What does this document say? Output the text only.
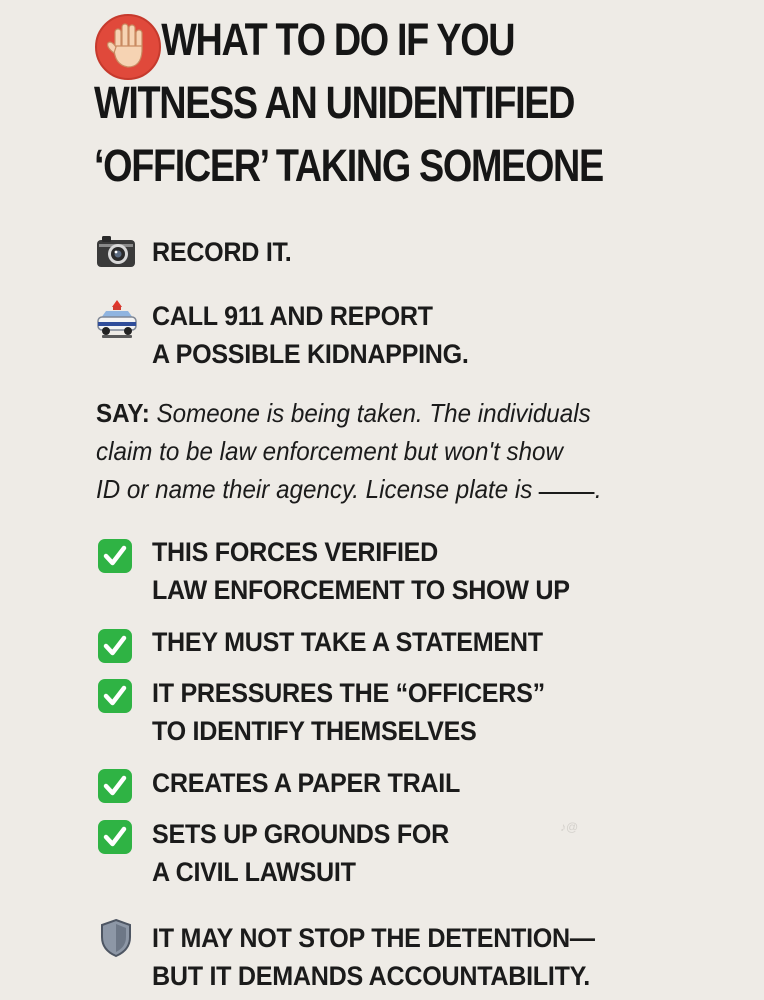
WHAT TO DO IF YOU
WITNESS AN UNIDENTIFIED
‘OFFICER’ TAKING SOMEONE
RECORD IT.
CALL 911 AND REPORT
A POSSIBLE KIDNAPPING.
SAY: Someone is being taken. The individuals
claim to be law enforcement but won't show
ID or name their agency. License plate is .
THIS FORCES VERIFIED
LAW ENFORCEMENT TO SHOW UP
THEY MUST TAKE A STATEMENT
IT PRESSURES THE “OFFICERS”
TO IDENTIFY THEMSELVES
CREATES A PAPER TRAIL
SETS UP GROUNDS FOR
A CIVIL LAWSUIT
♪@
IT MAY NOT STOP THE DETENTION—
BUT IT DEMANDS ACCOUNTABILITY.
